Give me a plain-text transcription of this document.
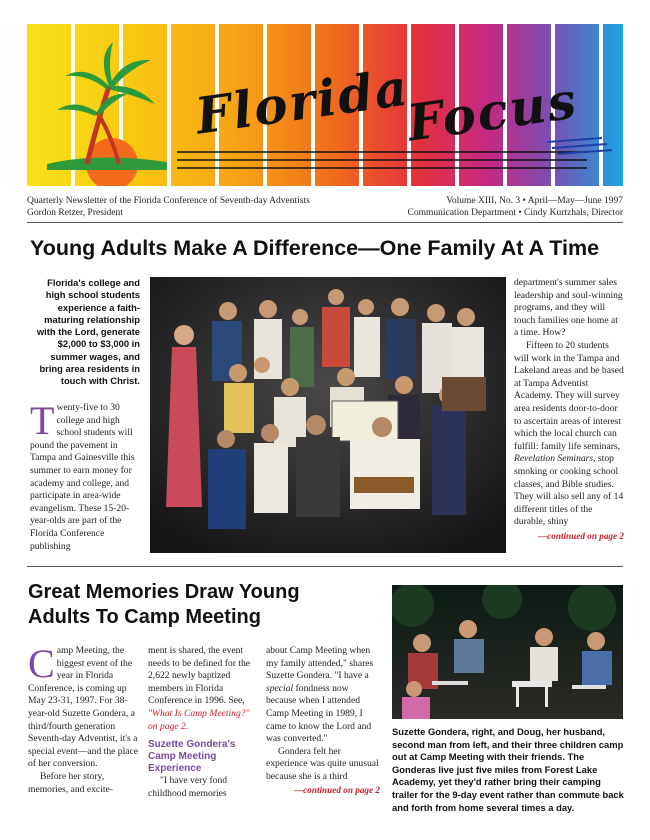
Florida
Focus
Quarterly Newsletter of the Florida Conference of Seventh-day Adventists
Gordon Retzer, President
Volume XIII, No. 3 • April—May—June 1997
Communication Department • Cindy Kurtzhals, Director
Young Adults Make A Difference—One Family At A Time
Florida's college and high school students experience a faith-maturing relationship with the Lord, generate $2,000 to $3,000 in summer wages, and bring area residents in touch with Christ.
Twenty-five to 30 college and high school students will pound the pavement in Tampa and Gainesville this summer to earn money for academy and college, and participate in area-wide evangelism. These 15-20-year-olds are part of the Florida Conference publishing

department's summer sales leadership and soul-winning programs, and they will touch families one home at a time. How?

Fifteen to 20 students will work in the Tampa and Lakeland areas and be based at Tampa Adventist Academy. They will survey area residents door-to-door to ascertain areas of interest which the local church can fulfill: family life seminars, Revelation Seminars, stop smoking or cooking school classes, and Bible studies. They will also sell any of 14 different titles of the durable, shiny

—continued on page 2
Great Memories Draw Young
Adults To Camp Meeting

Camp Meeting, the biggest event of the year in Florida Conference, is coming up May 23-31, 1997. For 38-year-old Suzette Gondera, a third/fourth generation Seventh-day Adventist, it's a special event—and the place of her conversion.

Before her story, memories, and excite-

ment is shared, the event needs to be defined for the 2,622 newly baptized members in Florida Conference in 1996. See, "What Is Camp Meeting?" on page 2.

Suzette Gondera's Camp Meeting Experience

"I have very fond childhood memories

about Camp Meeting when my family attended," shares Suzette Gondera. "I have a special fondness now because when I attended Camp Meeting in 1989, I came to know the Lord and was converted."

Gondera felt her experience was quite unusual because she is a third

—continued on page 2
Suzette Gondera, right, and Doug, her husband, second man from left, and their three children camp out at Camp Meeting with their friends. The Gonderas live just five miles from Forest Lake Academy, yet they'd rather bring their camping trailer for the 9-day event rather than commute back and forth from home several times a day.
